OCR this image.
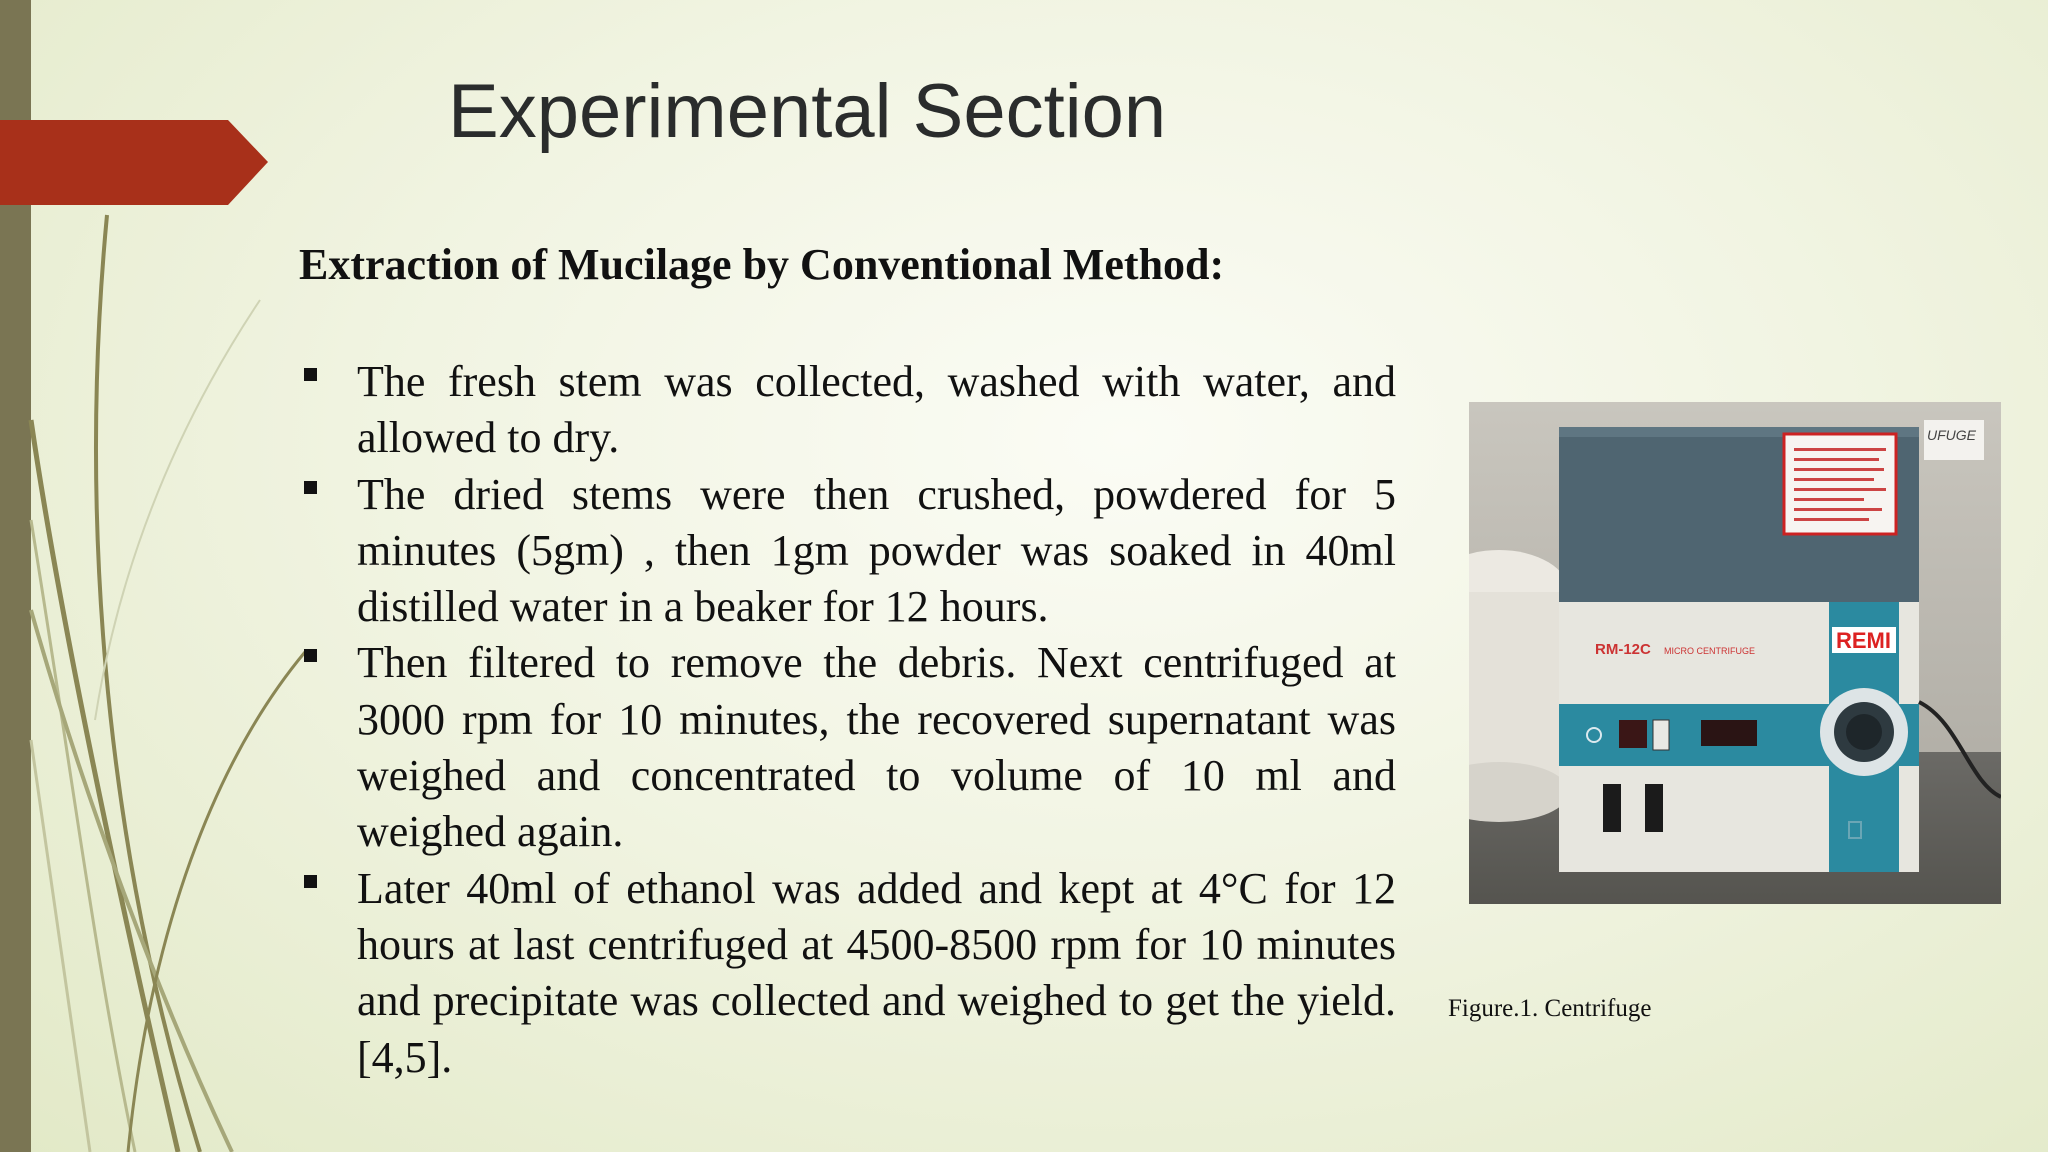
Experimental Section
Extraction of Mucilage by Conventional Method:
The fresh stem was collected, washed with water, and allowed to dry.
The dried stems were then crushed, powdered for 5 minutes (5gm) , then 1gm powder was soaked in 40ml distilled water in a beaker for 12 hours.
Then filtered to remove the debris. Next centrifuged at 3000 rpm for 10 minutes, the recovered supernatant was weighed and concentrated to volume of 10 ml and weighed again.
Later 40ml of ethanol was added and kept at 4°C for 12 hours at last centrifuged at 4500-8500 rpm for 10 minutes and precipitate was collected and weighed to get the yield. [4,5].
UFUGE
REMI
RM-12C MICRO CENTRIFUGE

Figure.1. Centrifuge
